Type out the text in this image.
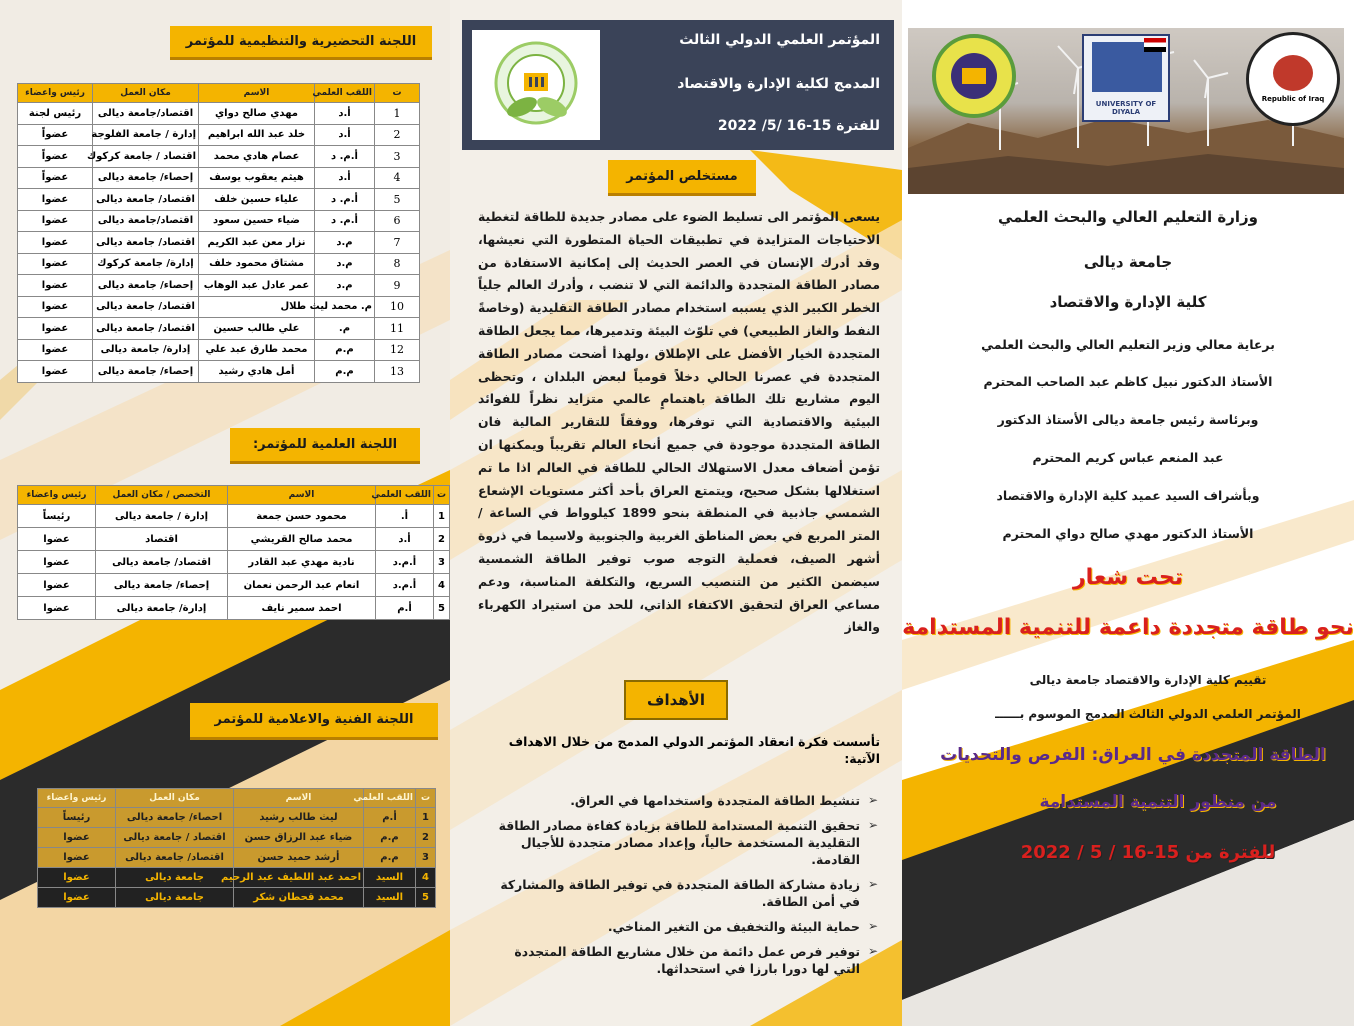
اللجنة التحضيرية والتنظيمية للمؤتمر
ت	اللقب العلمي	الاسم	مكان العمل	رئيس واعضاء
1	أ.د	مهدي صالح دواي	اقتصاد/جامعة ديالى	رئيس لجنة
2	أ.د	خلد عبد الله ابراهيم	إدارة / جامعة الفلوجة	عضواً
3	أ.م. د	عصام هادي محمد	اقتصاد / جامعة كركوك	عضواً
4	أ.د	هيثم يعقوب يوسف	إحصاء/ جامعة ديالى	عضواً
5	أ.م. د	علياء حسين خلف	اقتصاد/ جامعة ديالى	عضوا
6	أ.م. د	ضياء حسين سعود	اقتصاد/جامعة ديالى	عضوا
7	م.د	نزار معن عبد الكريم	اقتصاد/ جامعة ديالى	عضوا
8	م.د	مشتاق محمود خلف	إدارة/ جامعة كركوك	عضوا
9	م.د	عمر عادل عبد الوهاب	إحصاء/ جامعة ديالى	عضوا
10	م. محمد ليث طلال		اقتصاد/ جامعة ديالى	عضوا
11	م.	علي طالب حسين	اقتصاد/ جامعة ديالى	عضوا
12	م.م	محمد طارق عبد علي	إدارة/ جامعة ديالى	عضوا
13	م.م	أمل هادي رشيد	إحصاء/ جامعة ديالى	عضوا
اللجنة العلمية للمؤتمر:
ت	اللقب العلمي	الاسم	التخصص / مكان العمل	رئيس واعضاء
1	أ.	محمود حسن جمعة	إدارة / جامعة ديالى	رئيساً
2	أ.د	محمد صالح القريشي	اقتصاد	عضوا
3	أ.م.د	نادية مهدي عبد القادر	اقتصاد/ جامعة ديالى	عضوا
4	أ.م.د	انعام عبد الرحمن نعمان	إحصاء/ جامعة ديالى	عضوا
5	أ.م	احمد سمير نايف	إدارة/ جامعة ديالى	عضوا
اللجنة الفنية والاعلامية للمؤتمر
ت	اللقب العلمي	الاسم	مكان العمل	رئيس واعضاء
1	أ.م	ليث طالب رشيد	احصاء/ جامعة ديالى	رئيساً
2	م.م	ضياء عبد الرزاق حسن	اقتصاد / جامعة ديالى	عضوا
3	م.م	أرشد حميد حسن	اقتصاد/ جامعة ديالى	عضوا
4	السيد	احمد عبد اللطيف عبد الرحيم	جامعة ديالى	عضوا
5	السيد	محمد قحطان شكر	جامعة ديالى	عضوا
المؤتمر العلمي الدولي الثالث
المدمج لكلية الإدارة والاقتصاد
للفترة 15-16 /5/ 2022
مستخلص المؤتمر
يسعى المؤتمر الى تسليط الضوء على مصادر جديدة للطاقة لتغطية الاحتياجات المتزايدة في تطبيقات الحياة المتطورة التي نعيشها، وقد أدرك الإنسان في العصر الحديث إلى إمكانية الاستفادة من مصادر الطاقة المتجددة والدائمة التي لا تنضب ، وأدرك العالم جلياً الخطر الكبير الذي يسببه استخدام مصادر الطاقة التقليدية (وخاصةً النفط والغاز الطبيعي) في تلوّث البيئة وتدميرها، مما يجعل الطاقة المتجددة الخيار الأفضل على الإطلاق ،ولهذا أضحت مصادر الطاقة المتجددة في عصرنا الحالي دخلاً قومياً لبعض البلدان ، وتحظى اليوم مشاريع تلك الطاقة باهتمامٍ عالمي متزايد نظراً للفوائد البيئية والاقتصادية التي توفرها، ووفقاً للتقارير المالية فان الطاقة المتجددة موجودة في جميع أنحاء العالم تقريباً ويمكنها ان تؤمن أضعاف معدل الاستهلاك الحالي للطاقة في العالم اذا ما تم استغلالها بشكل صحيح، ويتمتع العراق بأحد أكثر مستويات الإشعاع الشمسي جاذبية في المنطقة بنحو 1899 كيلوواط في الساعة / المتر المربع في بعض المناطق الغربية والجنوبية ولاسيما في ذروة أشهر الصيف، فعملية التوجه صوب توفير الطاقة الشمسية سيضمن الكثير من التنصيب السريع، والتكلفة المناسبة، ودعم مساعي العراق لتحقيق الاكتفاء الذاتي، للحد من استيراد الكهرباء والغاز
الأهداف
تأسست فكرة انعقاد المؤتمر الدولي المدمج من خلال الاهداف الآتية:
➢
تنشيط الطاقة المتجددة واستخدامها في العراق.
➢
تحقيق التنمية المستدامة للطاقة بزيادة كفاءة مصادر الطاقة التقليدية المستخدمة حالياً، وإعداد مصادر متجددة للأجيال القادمة.
➢
زيادة مشاركة الطاقة المتجددة في توفير الطاقة والمشاركة في أمن الطاقة.
➢
حماية البيئة والتخفيف من التغير المناخي.
➢
توفير فرص عمل دائمة من خلال مشاريع الطاقة المتجددة التي لها دورا بارزا في استحداثها.
UNIVERSITY OF DIYALA
Republic of Iraq
وزارة التعليم العالي والبحث العلمي
جامعة ديالى
كلية الإدارة والاقتصاد
برعاية معالي وزير التعليم العالي والبحث العلمي
الأستاذ الدكتور نبيل كاظم عبد الصاحب المحترم
وبرئاسة رئيس جامعة ديالى الأستاذ الدكتور
عبد المنعم عباس كريم المحترم
وبأشراف السيد عميد كلية الإدارة والاقتصاد
الأستاذ الدكتور مهدي صالح دواي المحترم
تحت شعار
نحو طاقة متجددة داعمة للتنمية المستدامة
تقييم كلية الإدارة والاقتصاد جامعة ديالى
المؤتمر العلمي الدولي الثالث المدمج الموسوم بــــــ
الطاقة المتجددة في العراق: الفرص والتحديات
من منظور التنمية المستدامة
للفترة من 15-16 / 5 / 2022
